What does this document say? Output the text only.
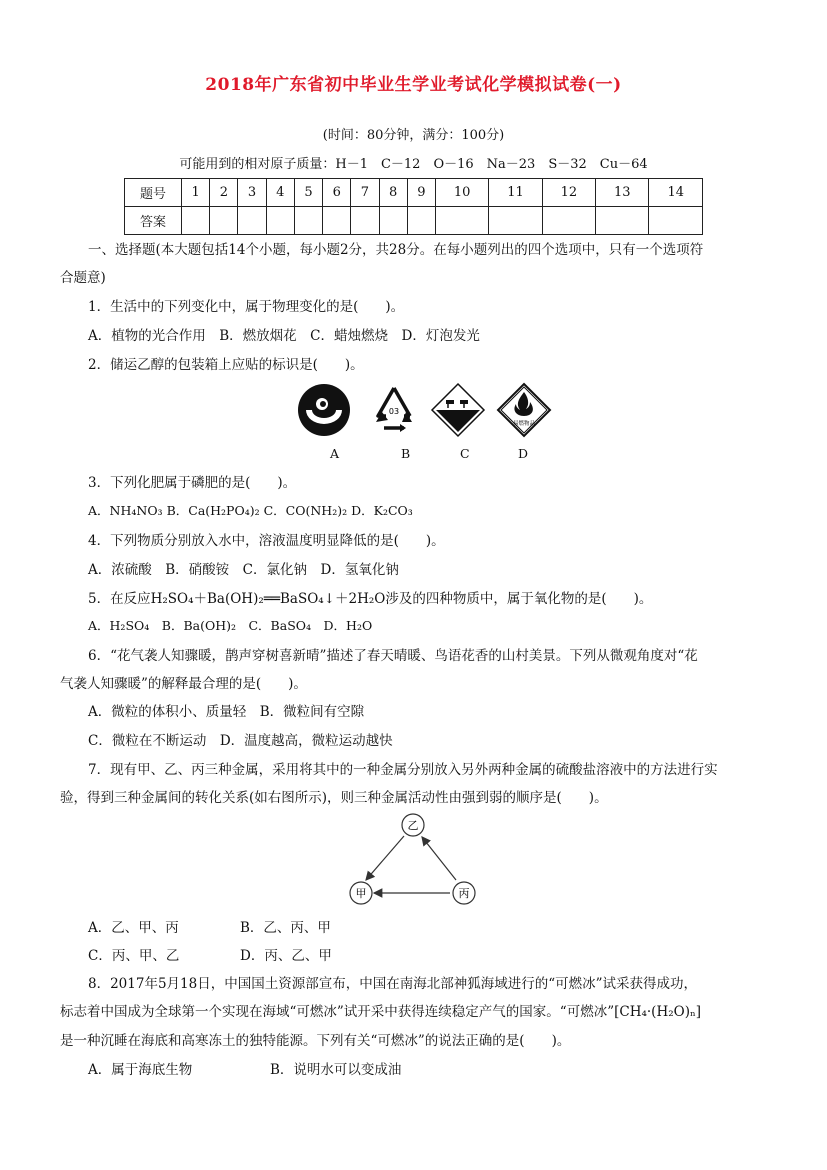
2018年广东省初中毕业生学业考试化学模拟试卷(一)
(时间：80分钟，满分：100分)
可能用到的相对原子质量：H－1　C－12　O－16　Na－23　S－32　Cu－64
题号	1	2	3	4	5	6	7	8	9	10	11	12	13	14
答案														
一、选择题(本大题包括14个小题，每小题2分，共28分。在每小题列出的四个选项中，只有一个选项符
合题意)
1．生活中的下列变化中，属于物理变化的是(　　)。
A．植物的光合作用　B．燃放烟花　C．蜡烛燃烧　D．灯泡发光
2．储运乙醇的包装箱上应贴的标识是(　　)。
03
易燃物品
A	B	C	D
3．下列化肥属于磷肥的是(　　)。
A．NH₄NO₃ B．Ca(H₂PO₄)₂ C．CO(NH₂)₂ D．K₂CO₃
4．下列物质分别放入水中，溶液温度明显降低的是(　　)。
A．浓硫酸　B．硝酸铵　C．氯化钠　D．氢氧化钠
5．在反应H₂SO₄＋Ba(OH)₂══BaSO₄↓＋2H₂O涉及的四种物质中，属于氧化物的是(　　)。
A．H₂SO₄　B．Ba(OH)₂　C．BaSO₄　D．H₂O
6．“花气袭人知骤暖，鹊声穿树喜新晴”描述了春天晴暖、鸟语花香的山村美景。下列从微观角度对“花
气袭人知骤暖”的解释最合理的是(　　)。
A．微粒的体积小、质量轻　B．微粒间有空隙
C．微粒在不断运动　D．温度越高，微粒运动越快
7．现有甲、乙、丙三种金属，采用将其中的一种金属分别放入另外两种金属的硫酸盐溶液中的方法进行实
验，得到三种金属间的转化关系(如右图所示)，则三种金属活动性由强到弱的顺序是(　　)。
乙
甲	丙
A．乙、甲、丙	B．乙、丙、甲
C．丙、甲、乙	D．丙、乙、甲
8．2017年5月18日，中国国土资源部宣布，中国在南海北部神狐海域进行的“可燃冰”试采获得成功，
标志着中国成为全球第一个实现在海域“可燃冰”试开采中获得连续稳定产气的国家。“可燃冰”[CH₄·(H₂O)ₙ]
是一种沉睡在海底和高寒冻土的独特能源。下列有关“可燃冰”的说法正确的是(　　)。
A．属于海底生物	B．说明水可以变成油
